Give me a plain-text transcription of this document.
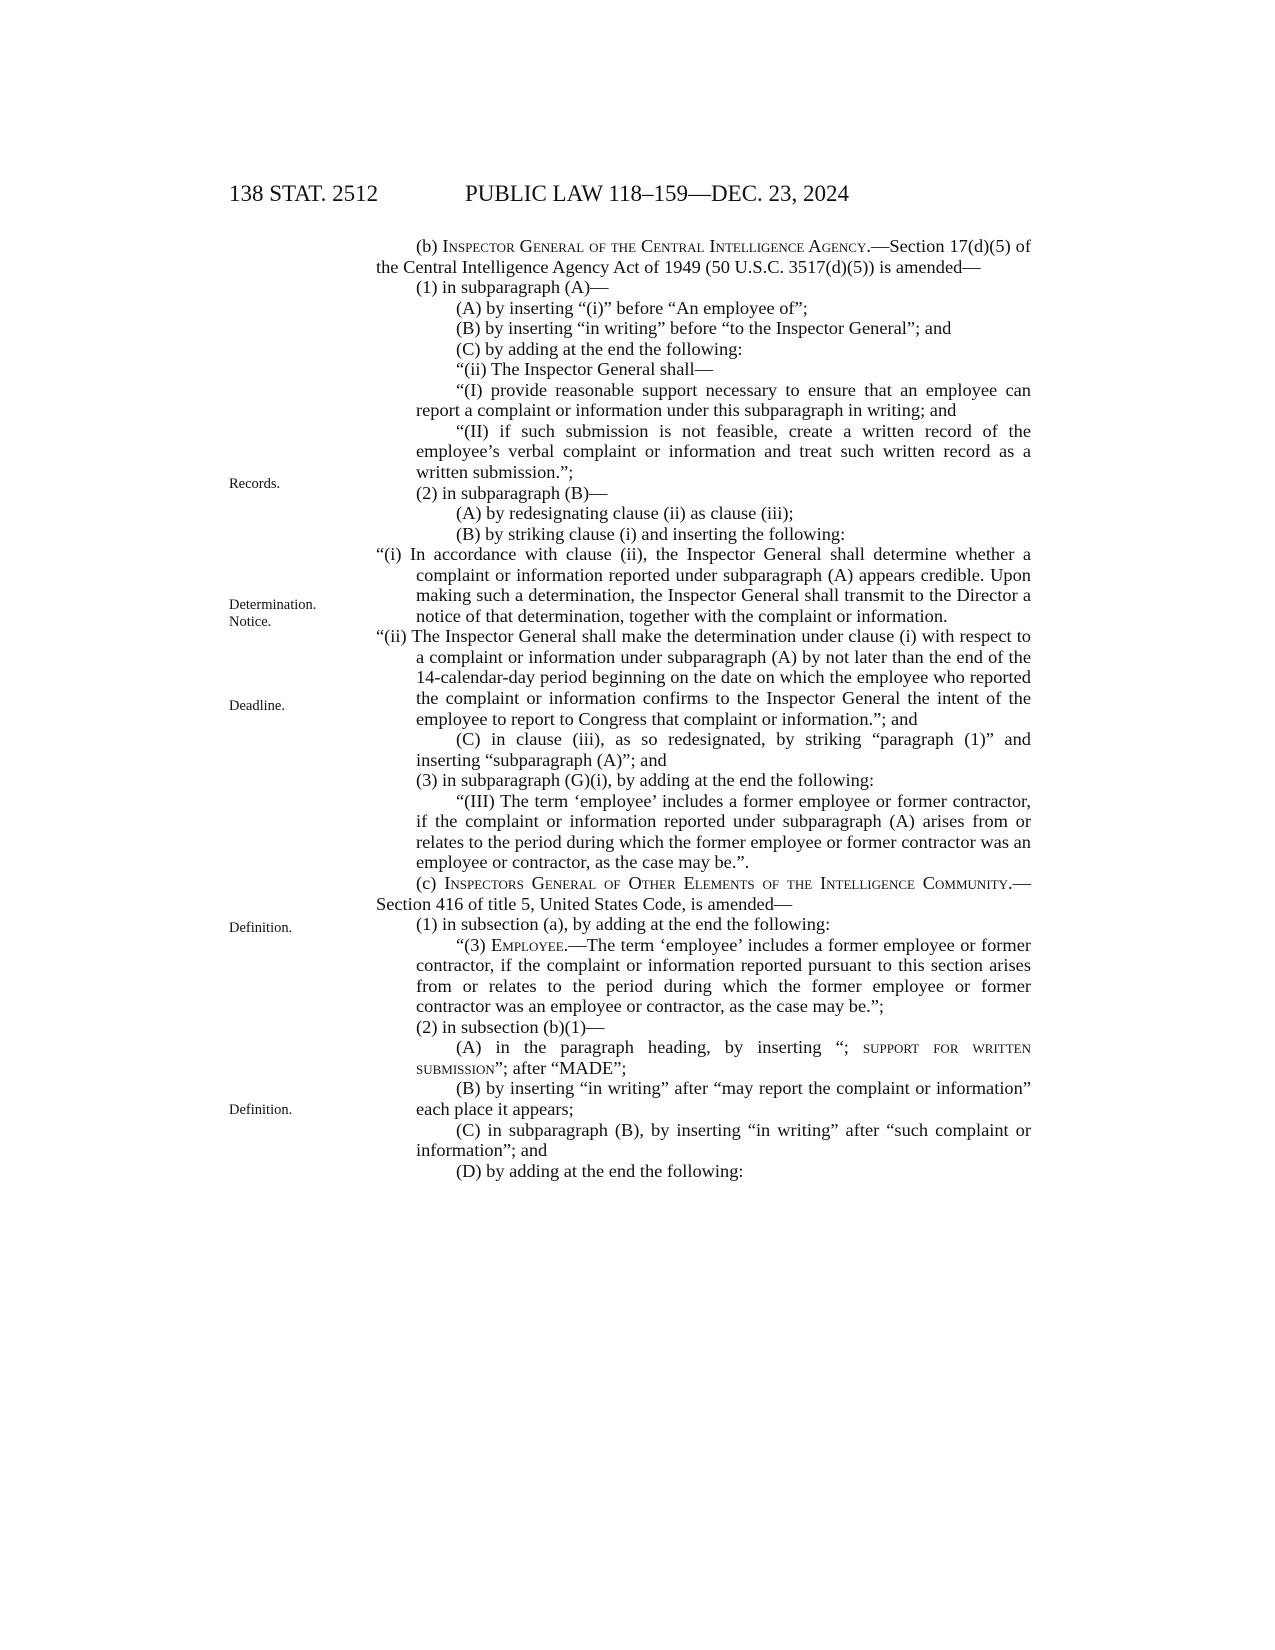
138 STAT. 2512	PUBLIC LAW 118–159—DEC. 23, 2024
Records.
Determination.
Notice.
Deadline.
Definition.
Definition.

(b) Inspector General of the Central Intelligence Agency.—Section 17(d)(5) of the Central Intelligence Agency Act of 1949 (50 U.S.C. 3517(d)(5)) is amended—

(1) in subparagraph (A)—

(A) by inserting “(i)” before “An employee of”;

(B) by inserting “in writing” before “to the Inspector General”; and

(C) by adding at the end the following:

“(ii) The Inspector General shall—

“(I) provide reasonable support necessary to ensure that an employee can report a complaint or information under this subparagraph in writing; and

“(II) if such submission is not feasible, create a written record of the employee’s verbal complaint or information and treat such written record as a written submission.”;

(2) in subparagraph (B)—

(A) by redesignating clause (ii) as clause (iii);

(B) by striking clause (i) and inserting the following:

“(i) In accordance with clause (ii), the Inspector General shall determine whether a complaint or information reported under subparagraph (A) appears credible. Upon making such a determination, the Inspector General shall transmit to the Director a notice of that determination, together with the complaint or information.

“(ii) The Inspector General shall make the determination under clause (i) with respect to a complaint or information under subparagraph (A) by not later than the end of the 14-calendar-day period beginning on the date on which the employee who reported the complaint or information confirms to the Inspector General the intent of the employee to report to Congress that complaint or information.”; and

(C) in clause (iii), as so redesignated, by striking “paragraph (1)” and inserting “subparagraph (A)”; and

(3) in subparagraph (G)(i), by adding at the end the following:

“(III) The term ‘employee’ includes a former employee or former contractor, if the complaint or information reported under subparagraph (A) arises from or relates to the period during which the former employee or former contractor was an employee or contractor, as the case may be.”.

(c) Inspectors General of Other Elements of the Intelligence Community.—Section 416 of title 5, United States Code, is amended—

(1) in subsection (a), by adding at the end the following:

“(3) Employee.—The term ‘employee’ includes a former employee or former contractor, if the complaint or information reported pursuant to this section arises from or relates to the period during which the former employee or former contractor was an employee or contractor, as the case may be.”;

(2) in subsection (b)(1)—

(A) in the paragraph heading, by inserting “; support for written submission”; after “MADE”;

(B) by inserting “in writing” after “may report the complaint or information” each place it appears;

(C) in subparagraph (B), by inserting “in writing” after “such complaint or information”; and

(D) by adding at the end the following:
